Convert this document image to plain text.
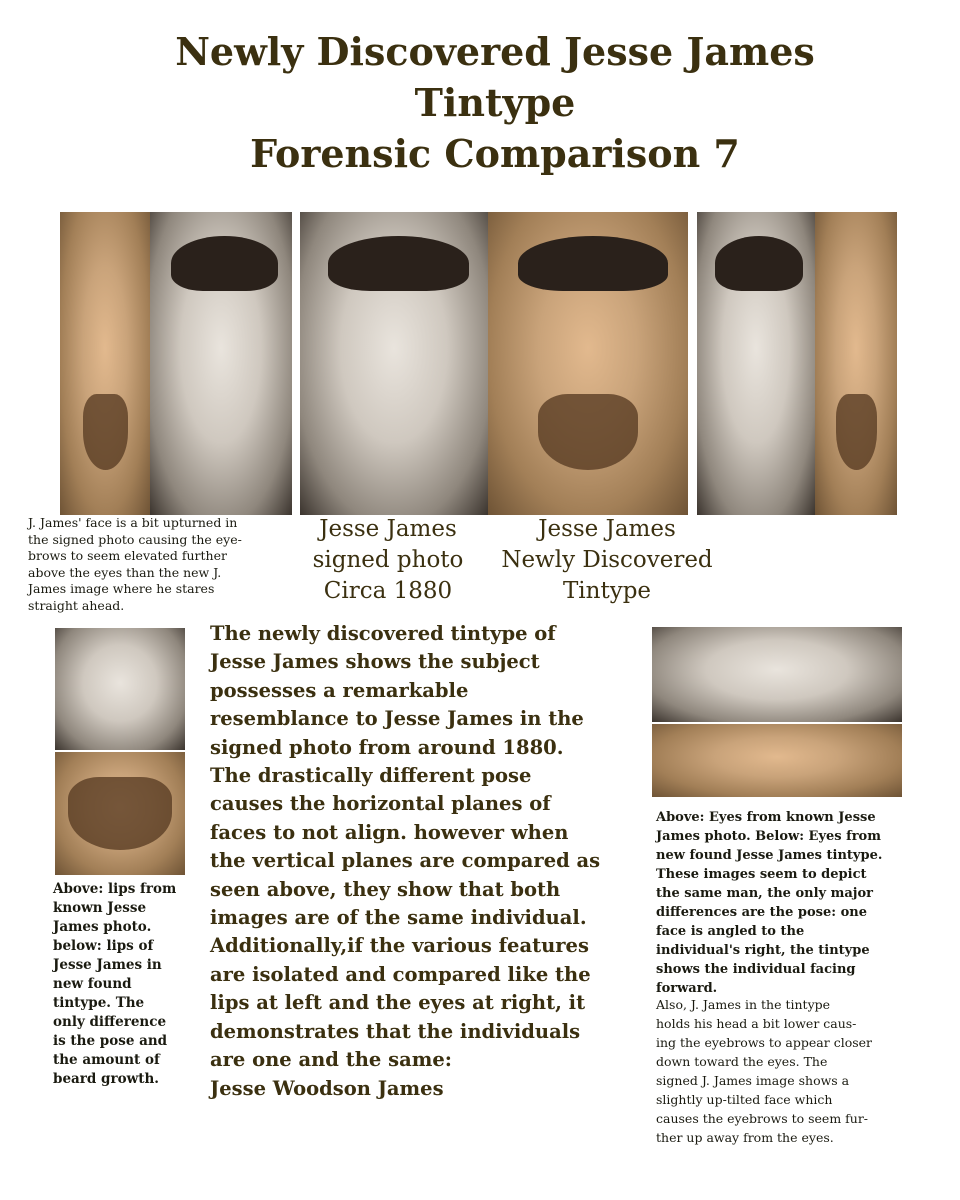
Newly Discovered Jesse James
Tintype
Forensic Comparison 7
J. James' face is a bit upturned in
the signed photo causing the eye-
brows to seem elevated further
above the eyes than the new J.
James image where he stares
straight ahead.
Jesse James
signed photo
Circa 1880
Jesse James
Newly Discovered
Tintype
Above: lips from
known Jesse
James photo.
below: lips of
Jesse James in
new found
tintype. The
only difference
is the pose and
the amount of
beard growth.
The newly discovered tintype of
Jesse James shows the subject
possesses a remarkable
resemblance to Jesse James in the
signed photo from around 1880.
The drastically different pose
causes the horizontal planes of
faces to not align. however when
the vertical planes are compared as
seen above, they show that both
images are of the same individual.
Additionally,if the various features
are isolated and compared like the
lips at left and the eyes at right, it
demonstrates that the individuals
are one and the same:
Jesse Woodson James
Above: Eyes from known Jesse
James photo. Below: Eyes from
new found Jesse James tintype.
These images seem to depict
the same man, the only major
differences are the pose: one
face is angled to the
individual's right, the tintype
shows the individual facing
forward.
Also, J. James in the tintype
holds his head a bit lower caus-
ing the eyebrows to appear closer
down toward the eyes. The
signed J. James image shows a
slightly up-tilted face which
causes the eyebrows to seem fur-
ther up away from the eyes.
